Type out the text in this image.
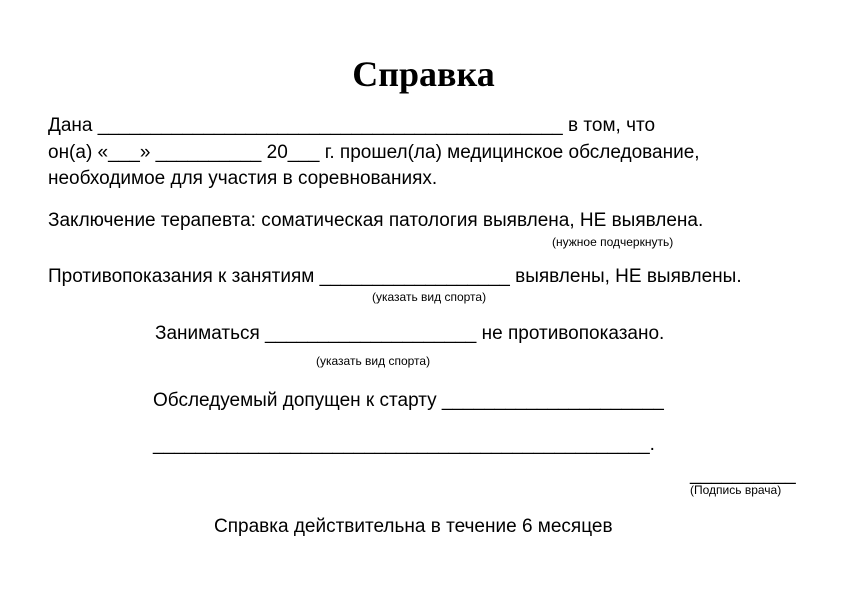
Справка
Дана ____________________________________________ в том, что
он(а) «___» __________ 20___ г. прошел(ла) медицинское обследование,
необходимое для участия в соревнованиях.
Заключение терапевта: соматическая патология выявлена, НЕ выявлена.
(нужное подчеркнуть)
Противопоказания к занятиям __________________ выявлены, НЕ выявлены.
(указать вид спорта)
Заниматься ____________________ не противопоказано.
(указать вид спорта)
Обследуемый допущен к старту _____________________
_______________________________________________.
__________
(Подпись врача)
Справка действительна в течение 6 месяцев
